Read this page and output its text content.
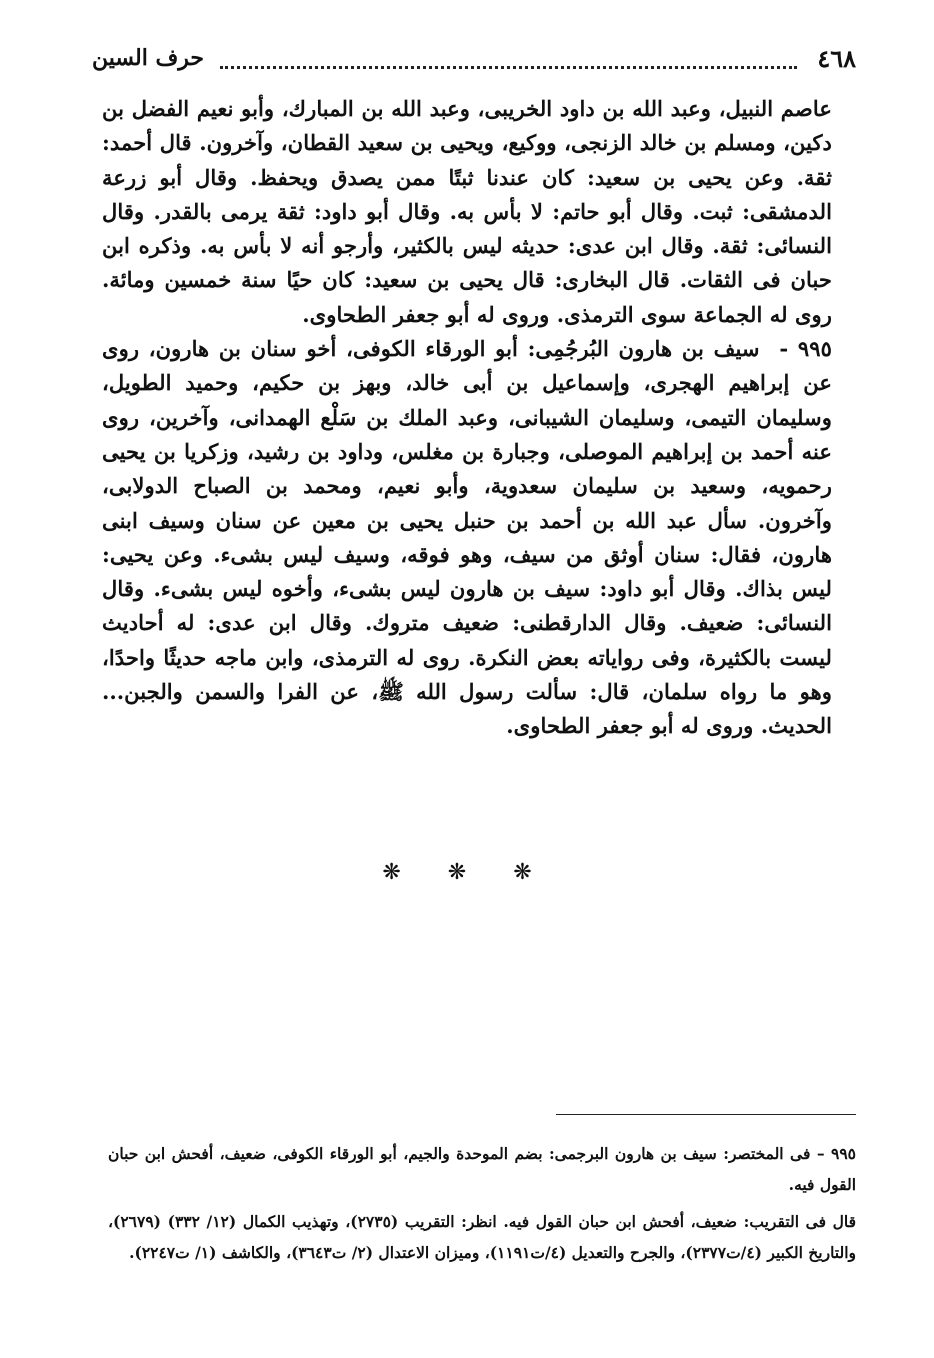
٤٦٨
حرف السين

عاصم النبيل، وعبد الله بن داود الخريبى، وعبد الله بن المبارك، وأبو نعيم الفضل بن دكين، ومسلم بن خالد الزنجى، ووكيع، ويحيى بن سعيد القطان، وآخرون. قال أحمد: ثقة. وعن يحيى بن سعيد: كان عندنا ثبتًا ممن يصدق ويحفظ. وقال أبو زرعة الدمشقى: ثبت. وقال أبو حاتم: لا بأس به. وقال أبو داود: ثقة يرمى بالقدر. وقال النسائى: ثقة. وقال ابن عدى: حديثه ليس بالكثير، وأرجو أنه لا بأس به. وذكره ابن حبان فى الثقات. قال البخارى: قال يحيى بن سعيد: كان حيًا سنة خمسين ومائة. روى له الجماعة سوى الترمذى. وروى له أبو جعفر الطحاوى.

٩٩٥ - سيف بن هارون البُرجُمِى: أبو الورقاء الكوفى، أخو سنان بن هارون، روى عن إبراهيم الهجرى، وإسماعيل بن أبى خالد، وبهز بن حكيم، وحميد الطويل، وسليمان التيمى، وسليمان الشيبانى، وعبد الملك بن سَلْع الهمدانى، وآخرين، روى عنه أحمد بن إبراهيم الموصلى، وجبارة بن مغلس، وداود بن رشيد، وزكريا بن يحيى رحمويه، وسعيد بن سليمان سعدوية، وأبو نعيم، ومحمد بن الصباح الدولابى، وآخرون. سأل عبد الله بن أحمد بن حنبل يحيى بن معين عن سنان وسيف ابنى هارون، فقال: سنان أوثق من سيف، وهو فوقه، وسيف ليس بشىء. وعن يحيى: ليس بذاك. وقال أبو داود: سيف بن هارون ليس بشىء، وأخوه ليس بشىء. وقال النسائى: ضعيف. وقال الدارقطنى: ضعيف متروك. وقال ابن عدى: له أحاديث ليست بالكثيرة، وفى رواياته بعض النكرة. روى له الترمذى، وابن ماجه حديثًا واحدًا، وهو ما رواه سلمان، قال: سألت رسول الله ﷺ، عن الفرا والسمن والجبن... الحديث. وروى له أبو جعفر الطحاوى.

❋ ❋ ❋

٩٩٥ – فى المختصر: سيف بن هارون البرجمى: بضم الموحدة والجيم، أبو الورقاء الكوفى، ضعيف، أفحش ابن حبان القول فيه.

قال فى التقريب: ضعيف، أفحش ابن حبان القول فيه. انظر: التقريب (٢٧٣٥)، وتهذيب الكمال (١٢/ ٣٣٢) (٢٦٧٩)، والتاريخ الكبير (٤/ت٢٣٧٧)، والجرح والتعديل (٤/ت١١٩١)، وميزان الاعتدال (٢/ ت٣٦٤٣)، والكاشف (١/ ت٢٢٤٧).
